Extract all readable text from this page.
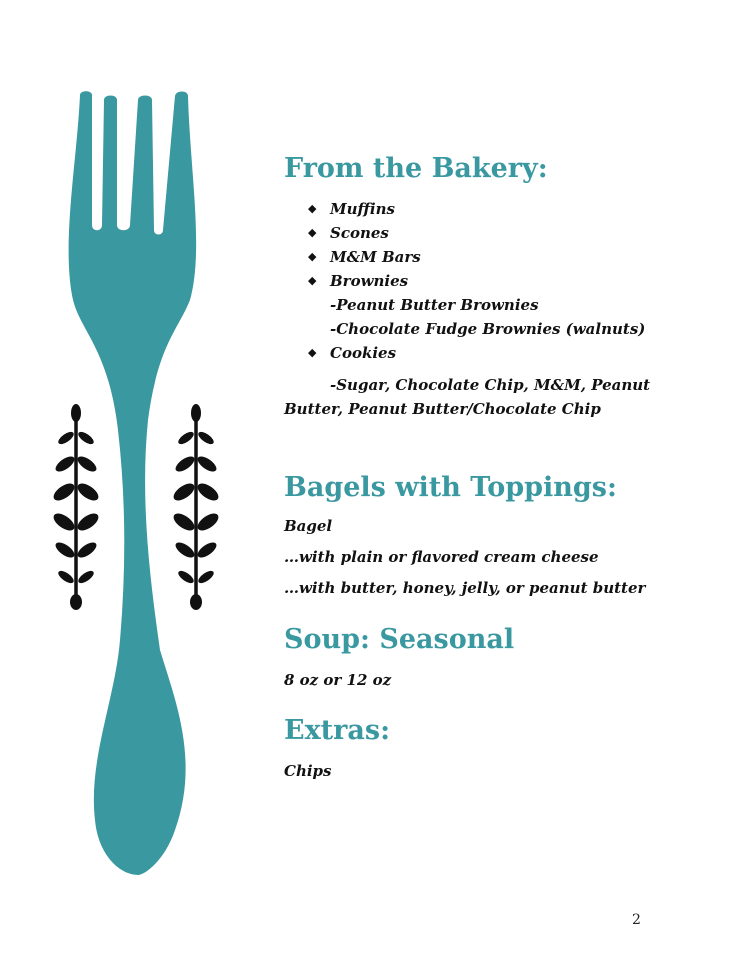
From the Bakery:
◆ Muffins
◆ Scones
◆ M&M Bars
◆ Brownies

-Peanut Butter Brownies

-Chocolate Fudge Brownies (walnuts)

◆ Cookies

-Sugar, Chocolate Chip, M&M, Peanut

Butter, Peanut Butter/Chocolate Chip

Bagels with Toppings:

Bagel

…with plain or flavored cream cheese

…with butter, honey, jelly, or peanut butter

Soup: Seasonal

8 oz or 12 oz

Extras:

Chips

2
